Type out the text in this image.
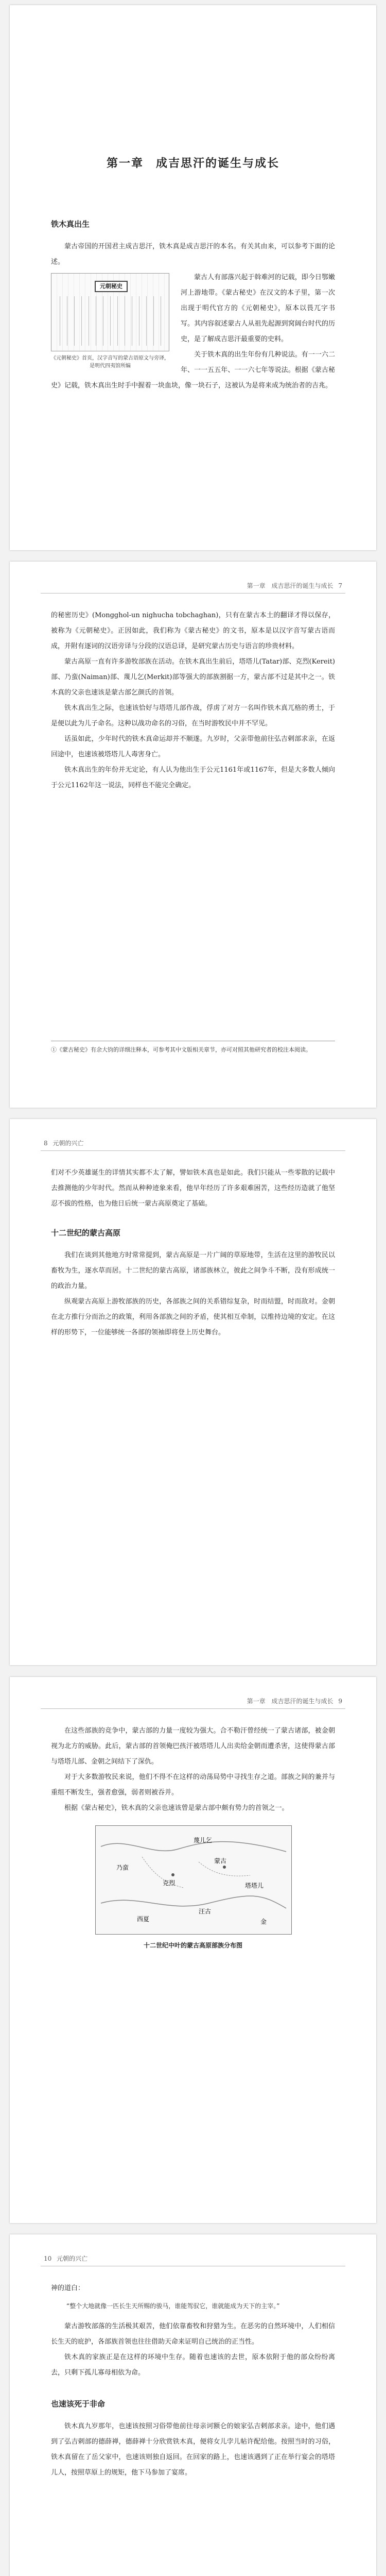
第一章 成吉思汗的诞生与成长
铁木真出生

蒙古帝国的开国君主成吉思汗，铁木真是成吉思汗的本名。有关其由来，可以参考下面的论述。

元朝秘史
《元朝秘史》首页，汉字音写的蒙古语原文与旁译，是明代四夷馆所编

蒙古人有部落兴起于斡难河的记载，即今日鄂嫩河上游地带。《蒙古秘史》在汉文的本子里，第一次出现于明代官方的《元朝秘史》，原本以畏兀字书写。其内容叙述蒙古人从祖先起源到窝阔台时代的历史，是了解成吉思汗最重要的史料。

关于铁木真的出生年份有几种说法。有一一六二年、一一五五年、一一六七年等说法。根据《蒙古秘史》记载，铁木真出生时手中握着一块血块，像一块石子，这被认为是将来成为统治者的吉兆。

第一章 成吉思汗的诞生与成长 7

的秘密历史》(Mongghol-un nighucha tobchaghan)，只有在蒙古本土的翻译才得以保存，被称为《元朝秘史》。正因如此，我们称为《蒙古秘史》的文书，原本是以汉字音写蒙古语而成，并附有逐词的汉语旁译与分段的汉语总译，是研究蒙古历史与语言的珍贵材料。

蒙古高原一直有许多游牧部族在活动。在铁木真出生前后，塔塔儿(Tatar)部、克烈(Kereit)部、乃蛮(Naiman)部、蔑儿乞(Merkit)部等强大的部族割据一方，蒙古部不过是其中之一。铁木真的父亲也速该是蒙古部乞颜氏的首领。

铁木真出生之际，也速该恰好与塔塔儿部作战，俘虏了对方一名叫作铁木真兀格的勇士，于是便以此为儿子命名。这种以战功命名的习俗，在当时游牧民中并不罕见。

话虽如此，少年时代的铁木真命运却并不顺遂。九岁时，父亲带他前往弘吉剌部求亲，在返回途中，也速该被塔塔儿人毒害身亡。

铁木真出生的年份并无定论，有人认为他出生于公元1161年或1167年，但是大多数人倾向于公元1162年这一说法，同样也不能完全确定。

①《蒙古秘史》有余大钧的详细注释本，可参考其中文版相关章节，亦可对照其他研究者的校注本阅读。
8 元朝的兴亡

们对不少英雄诞生的详情其实都不太了解，譬如铁木真也是如此。我们只能从一些零散的记载中去推测他的少年时代。然而从种种迹象来看，他早年经历了许多艰难困苦，这些经历造就了他坚忍不拔的性格，也为他日后统一蒙古高原奠定了基础。

十二世纪的蒙古高原

我们在谈到其他地方时常常提到，蒙古高原是一片广阔的草原地带，生活在这里的游牧民以畜牧为生，逐水草而居。十二世纪的蒙古高原，诸部族林立，彼此之间争斗不断，没有形成统一的政治力量。

纵观蒙古高原上游牧部族的历史，各部族之间的关系错综复杂，时而结盟，时而敌对。金朝在北方推行分而治之的政策，利用各部族之间的矛盾，使其相互牵制，以维持边境的安定。在这样的形势下，一位能够统一各部的领袖即将登上历史舞台。

第一章 成吉思汗的诞生与成长 9

在这些部族的竞争中，蒙古部的力量一度较为强大。合不勒汗曾经统一了蒙古诸部，被金朝视为北方的威胁。此后，蒙古部的首领俺巴孩汗被塔塔儿人出卖给金朝而遭杀害，这使得蒙古部与塔塔儿部、金朝之间结下了深仇。

对于大多数游牧民来说，他们不得不在这样的动荡局势中寻找生存之道。部族之间的兼并与重组不断发生，强者愈强，弱者则被吞并。

根据《蒙古秘史》，铁木真的父亲也速该曾是蒙古部中颇有势力的首领之一。

乃蛮
克烈
蒙古
塔塔儿
蔑儿乞
汪古
西夏	金
十二世纪中叶的蒙古高原部族分布图
10 元朝的兴亡

神的道白：

“整个大地就像一匹长生天所赐的骏马，谁能驾驭它，谁就能成为天下的主宰。”

蒙古游牧部落的生活极其艰苦，他们依靠畜牧和狩猎为生。在恶劣的自然环境中，人们相信长生天的庇护，各部族首领也往往借助天命来证明自己统治的正当性。

铁木真的家族正是在这样的环境中生存。随着也速该的去世，原本依附于他的部众纷纷离去，只剩下孤儿寡母相依为命。

也速该死于非命

铁木真九岁那年，也速该按照习俗带他前往母亲诃额仑的娘家弘吉剌部求亲。途中，他们遇到了弘吉剌部的德薛禅，德薛禅十分欣赏铁木真，便将女儿孛儿帖许配给他。按照当时的习俗，铁木真留在了岳父家中，也速该则独自返回。在回家的路上，也速该遇到了正在举行宴会的塔塔儿人，按照草原上的规矩，他下马参加了宴席。
